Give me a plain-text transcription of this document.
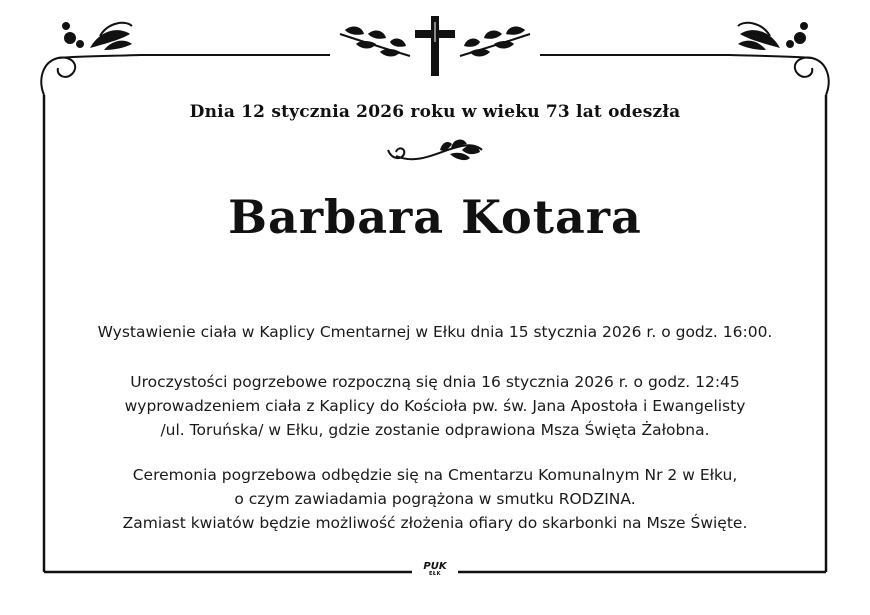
Dnia 12 stycznia 2026 roku w wieku 73 lat odeszła
Barbara Kotara
Wystawienie ciała w Kaplicy Cmentarnej w Ełku dnia 15 stycznia 2026 r. o godz. 16:00.
Uroczystości pogrzebowe rozpoczną się dnia 16 stycznia 2026 r. o godz. 12:45
wyprowadzeniem ciała z Kaplicy do Kościoła pw. św. Jana Apostoła i Ewangelisty
/ul. Toruńska/ w Ełku, gdzie zostanie odprawiona Msza Święta Żałobna.
Ceremonia pogrzebowa odbędzie się na Cmentarzu Komunalnym Nr 2 w Ełku,
o czym zawiadamia pogrążona w smutku RODZINA.
Zamiast kwiatów będzie możliwość złożenia ofiary do skarbonki na Msze Święte.
PUK
EŁK
